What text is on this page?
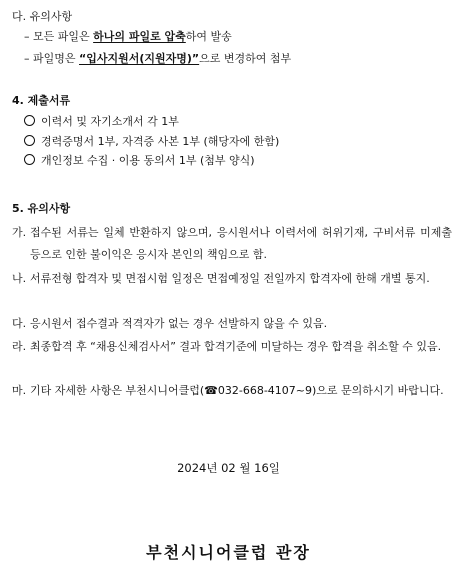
다. 유의사항
– 모든 파일은 하나의 파일로 압축하여 발송
– 파일명은 “입사지원서(지원자명)”으로 변경하여 첨부
4. 제출서류
이력서 및 자기소개서 각 1부
경력증명서 1부, 자격증 사본 1부 (해당자에 한함)
개인정보 수집 · 이용 동의서 1부 (첨부 양식)
5. 유의사항
가. 접수된 서류는 일체 반환하지 않으며, 응시원서나 이력서에 허위기재, 구비서류 미제출 등으로 인한 불이익은 응시자 본인의 책임으로 함.
나. 서류전형 합격자 및 면접시험 일정은 면접예정일 전일까지 합격자에 한해 개별 통지.
다. 응시원서 접수결과 적격자가 없는 경우 선발하지 않을 수 있음.
라. 최종합격 후 “채용신체검사서” 결과 합격기준에 미달하는 경우 합격을 취소할 수 있음.
마. 기타 자세한 사항은 부천시니어클럽(☎032-668-4107~9)으로 문의하시기 바랍니다.
2024년 02 월 16일
부천시니어클럽 관장
